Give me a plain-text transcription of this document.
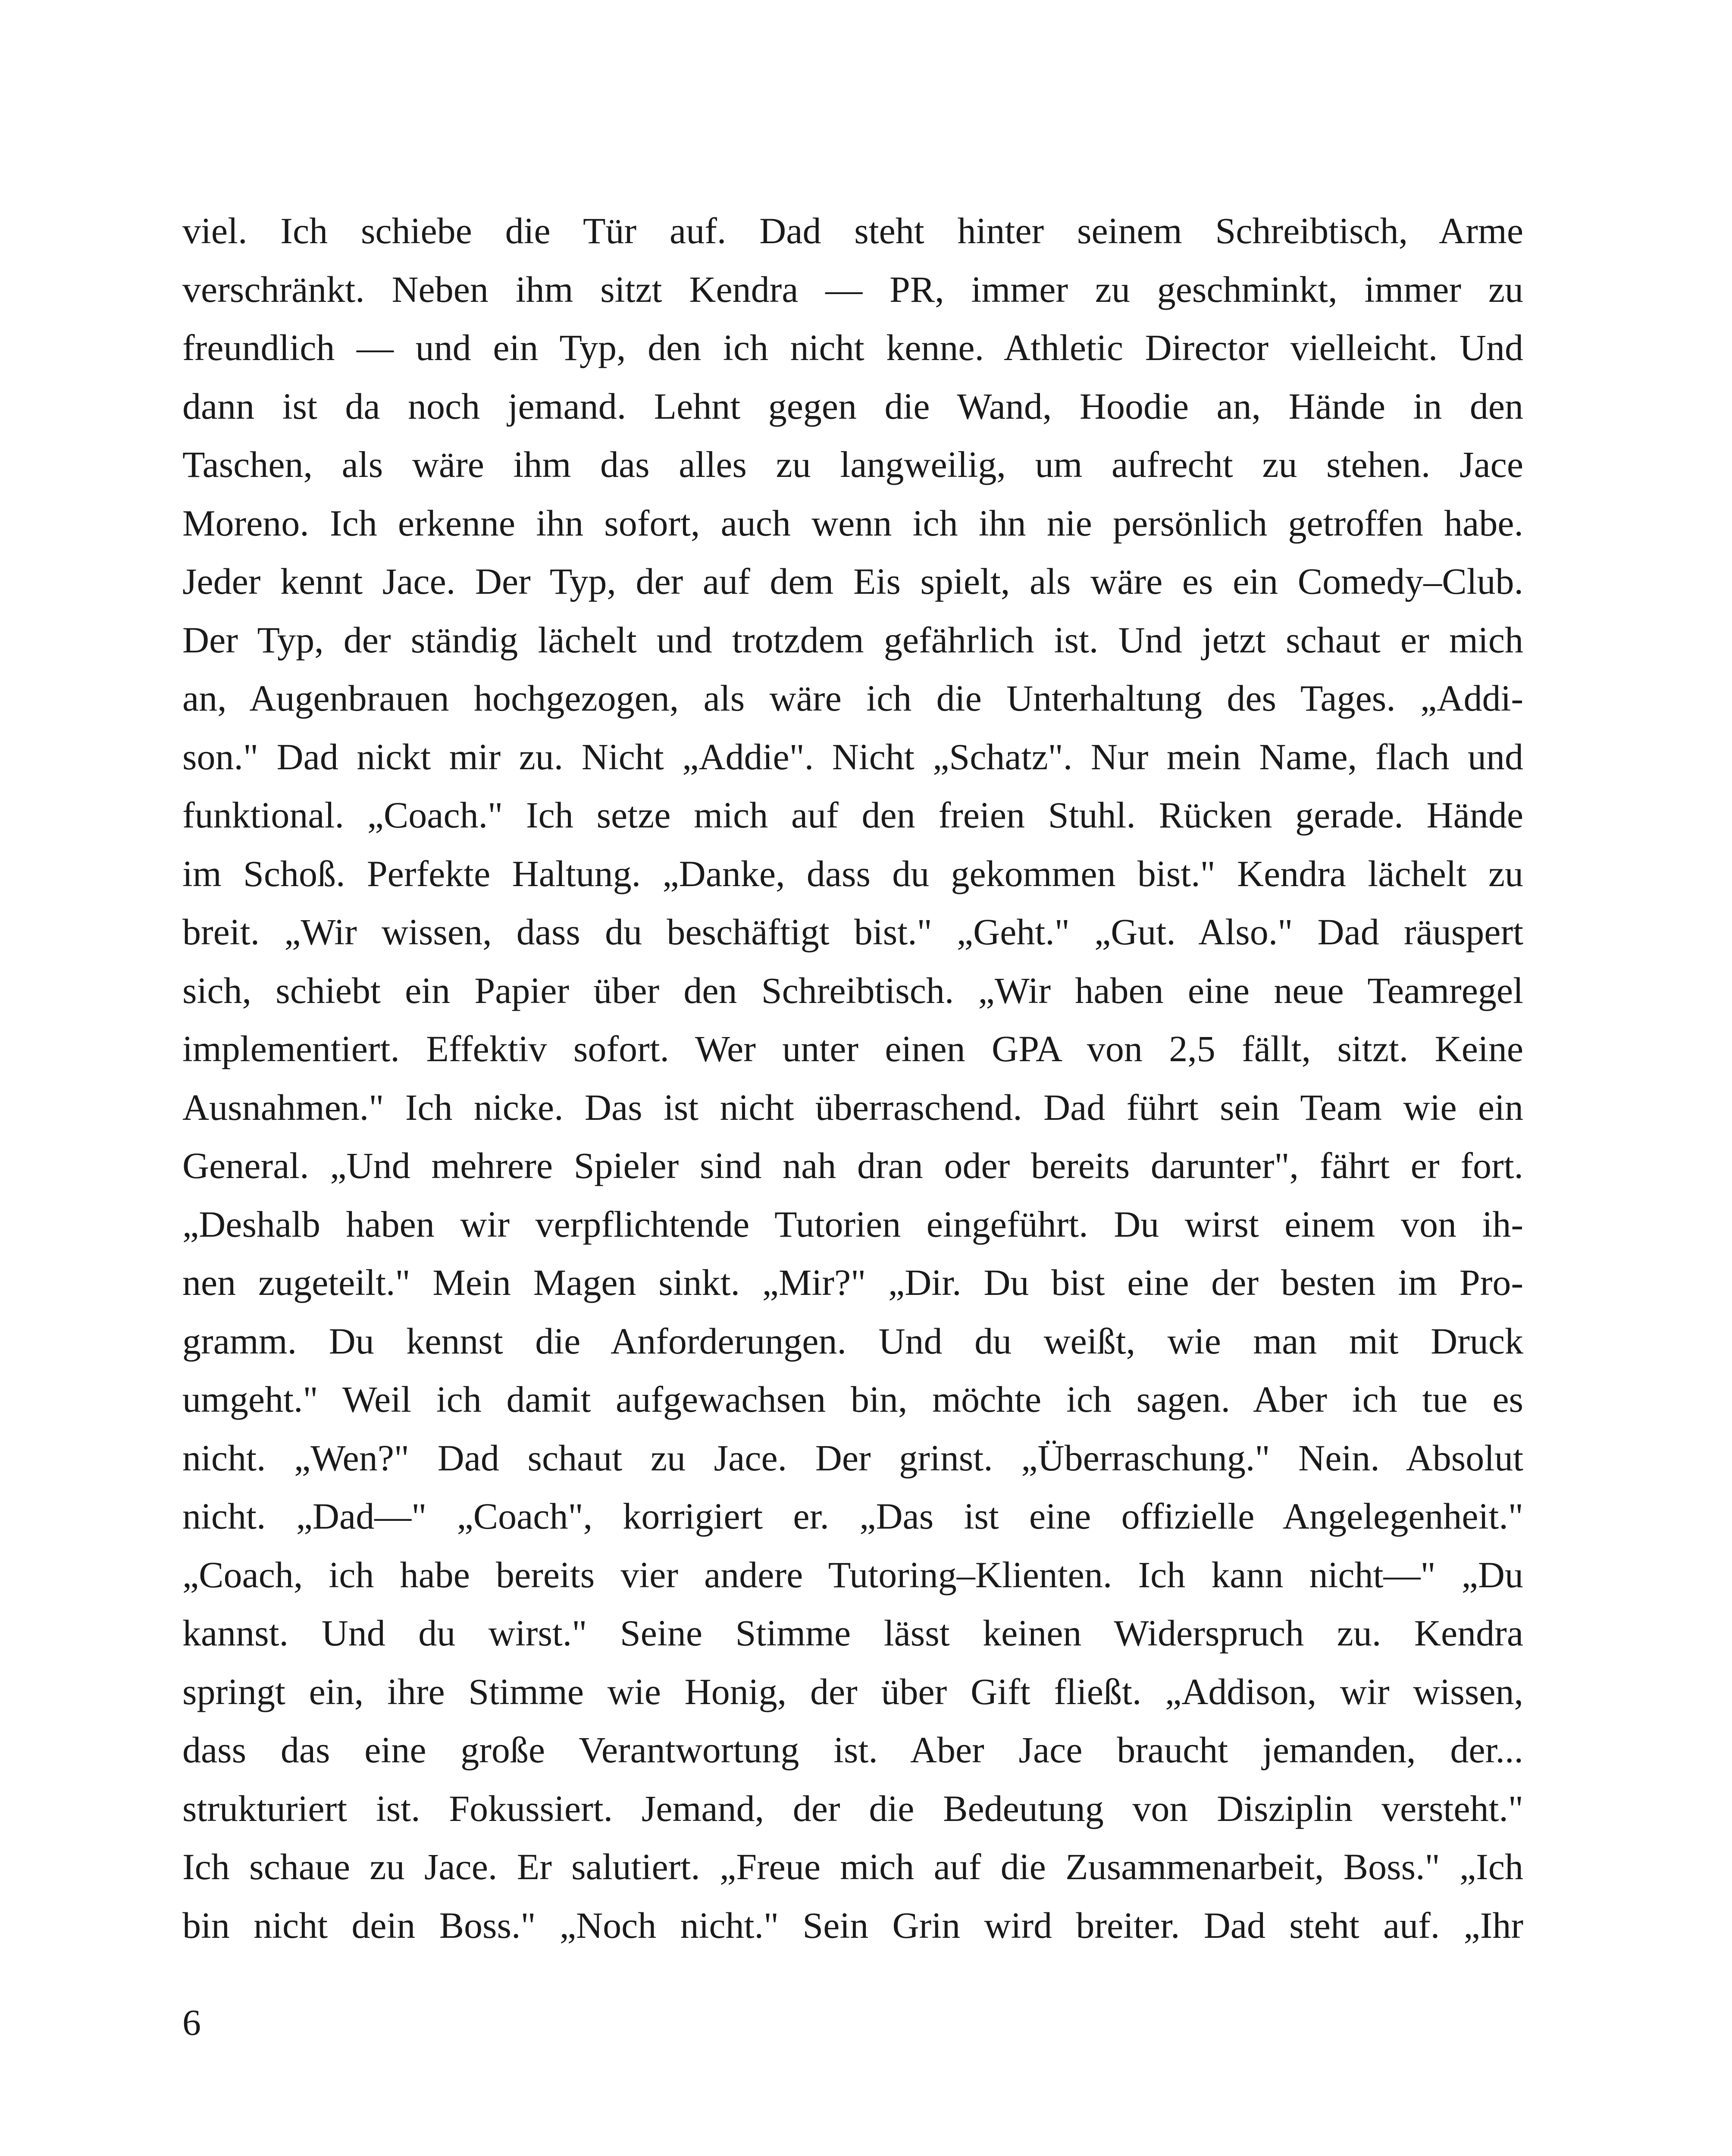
viel. Ich schiebe die Tür auf. Dad steht hinter seinem Schreibtisch, Arme
verschränkt. Neben ihm sitzt Kendra — PR, immer zu geschminkt, immer zu
freundlich — und ein Typ, den ich nicht kenne. Athletic Director vielleicht. Und
dann ist da noch jemand. Lehnt gegen die Wand, Hoodie an, Hände in den
Taschen, als wäre ihm das alles zu langweilig, um aufrecht zu stehen. Jace
Moreno. Ich erkenne ihn sofort, auch wenn ich ihn nie persönlich getroffen habe.
Jeder kennt Jace. Der Typ, der auf dem Eis spielt, als wäre es ein Comedy–Club.
Der Typ, der ständig lächelt und trotzdem gefährlich ist. Und jetzt schaut er mich
an, Augenbrauen hochgezogen, als wäre ich die Unterhaltung des Tages. „Addi-
son." Dad nickt mir zu. Nicht „Addie". Nicht „Schatz". Nur mein Name, flach und
funktional. „Coach." Ich setze mich auf den freien Stuhl. Rücken gerade. Hände
im Schoß. Perfekte Haltung. „Danke, dass du gekommen bist." Kendra lächelt zu
breit. „Wir wissen, dass du beschäftigt bist." „Geht." „Gut. Also." Dad räuspert
sich, schiebt ein Papier über den Schreibtisch. „Wir haben eine neue Teamregel
implementiert. Effektiv sofort. Wer unter einen GPA von 2,5 fällt, sitzt. Keine
Ausnahmen." Ich nicke. Das ist nicht überraschend. Dad führt sein Team wie ein
General. „Und mehrere Spieler sind nah dran oder bereits darunter", fährt er fort.
„Deshalb haben wir verpflichtende Tutorien eingeführt. Du wirst einem von ih-
nen zugeteilt." Mein Magen sinkt. „Mir?" „Dir. Du bist eine der besten im Pro-
gramm. Du kennst die Anforderungen. Und du weißt, wie man mit Druck
umgeht." Weil ich damit aufgewachsen bin, möchte ich sagen. Aber ich tue es
nicht. „Wen?" Dad schaut zu Jace. Der grinst. „Überraschung." Nein. Absolut
nicht. „Dad—" „Coach", korrigiert er. „Das ist eine offizielle Angelegenheit."
„Coach, ich habe bereits vier andere Tutoring–Klienten. Ich kann nicht—" „Du
kannst. Und du wirst." Seine Stimme lässt keinen Widerspruch zu. Kendra
springt ein, ihre Stimme wie Honig, der über Gift fließt. „Addison, wir wissen,
dass das eine große Verantwortung ist. Aber Jace braucht jemanden, der...
strukturiert ist. Fokussiert. Jemand, der die Bedeutung von Disziplin versteht."
Ich schaue zu Jace. Er salutiert. „Freue mich auf die Zusammenarbeit, Boss." „Ich
bin nicht dein Boss." „Noch nicht." Sein Grin wird breiter. Dad steht auf. „Ihr
6
